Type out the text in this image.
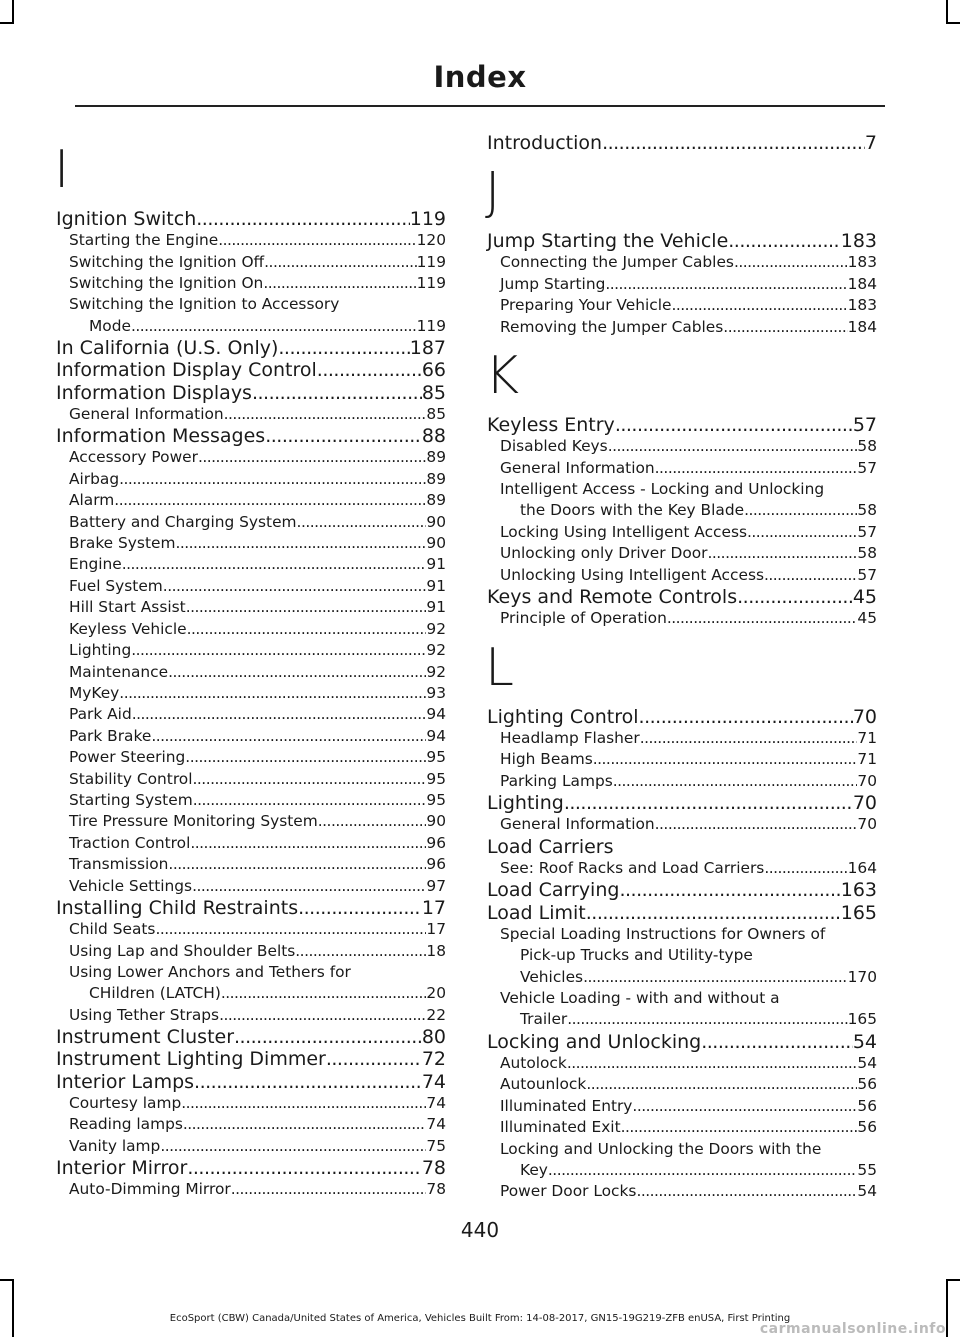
Index
I
Ignition Switch .....	119
Starting the Engine .....	120
Switching the Ignition Off .....	119
Switching the Ignition On .....	119
Switching the Ignition to Accessory
Mode .....	119
In California (U.S. Only) .....	187
Information Display Control .....	66
Information Displays .....	85
General Information .....	85
Information Messages .....	88
Accessory Power .....	89
Airbag .....	89
Alarm .....	89
Battery and Charging System .....	90
Brake System .....	90
Engine .....	91
Fuel System .....	91
Hill Start Assist .....	91
Keyless Vehicle .....	92
Lighting .....	92
Maintenance .....	92
MyKey .....	93
Park Aid .....	94
Park Brake .....	94
Power Steering .....	95
Stability Control .....	95
Starting System .....	95
Tire Pressure Monitoring System .....	90
Traction Control .....	96
Transmission .....	96
Vehicle Settings .....	97
Installing Child Restraints .....	17
Child Seats .....	17
Using Lap and Shoulder Belts .....	18
Using Lower Anchors and Tethers for
CHildren (LATCH) .....	20
Using Tether Straps .....	22
Instrument Cluster .....	80
Instrument Lighting Dimmer .....	72
Interior Lamps .....	74
Courtesy lamp .....	74
Reading lamps .....	74
Vanity lamp .....	75
Interior Mirror .....	78
Auto-Dimming Mirror .....	78
Introduction .....	7
J
Jump Starting the Vehicle .....	183
Connecting the Jumper Cables .....	183
Jump Starting .....	184
Preparing Your Vehicle .....	183
Removing the Jumper Cables .....	184
K
Keyless Entry .....	57
Disabled Keys .....	58
General Information .....	57
Intelligent Access - Locking and Unlocking
the Doors with the Key Blade .....	58
Locking Using Intelligent Access .....	57
Unlocking only Driver Door .....	58
Unlocking Using Intelligent Access .....	57
Keys and Remote Controls .....	45
Principle of Operation .....	45
L
Lighting Control .....	70
Headlamp Flasher .....	71
High Beams .....	71
Parking Lamps .....	70
Lighting .....	70
General Information .....	70
Load Carriers
See: Roof Racks and Load Carriers .....	164
Load Carrying .....	163
Load Limit .....	165
Special Loading Instructions for Owners of
Pick-up Trucks and Utility-type
Vehicles .....	170
Vehicle Loading - with and without a
Trailer .....	165
Locking and Unlocking .....	54
Autolock .....	54
Autounlock .....	56
Illuminated Entry .....	56
Illuminated Exit .....	56
Locking and Unlocking the Doors with the
Key .....	55
Power Door Locks .....	54
440
EcoSport (CBW) Canada/United States of America, Vehicles Built From: 14-08-2017, GN15-19G219-ZFB enUSA, First Printing
carmanualsonline.info
